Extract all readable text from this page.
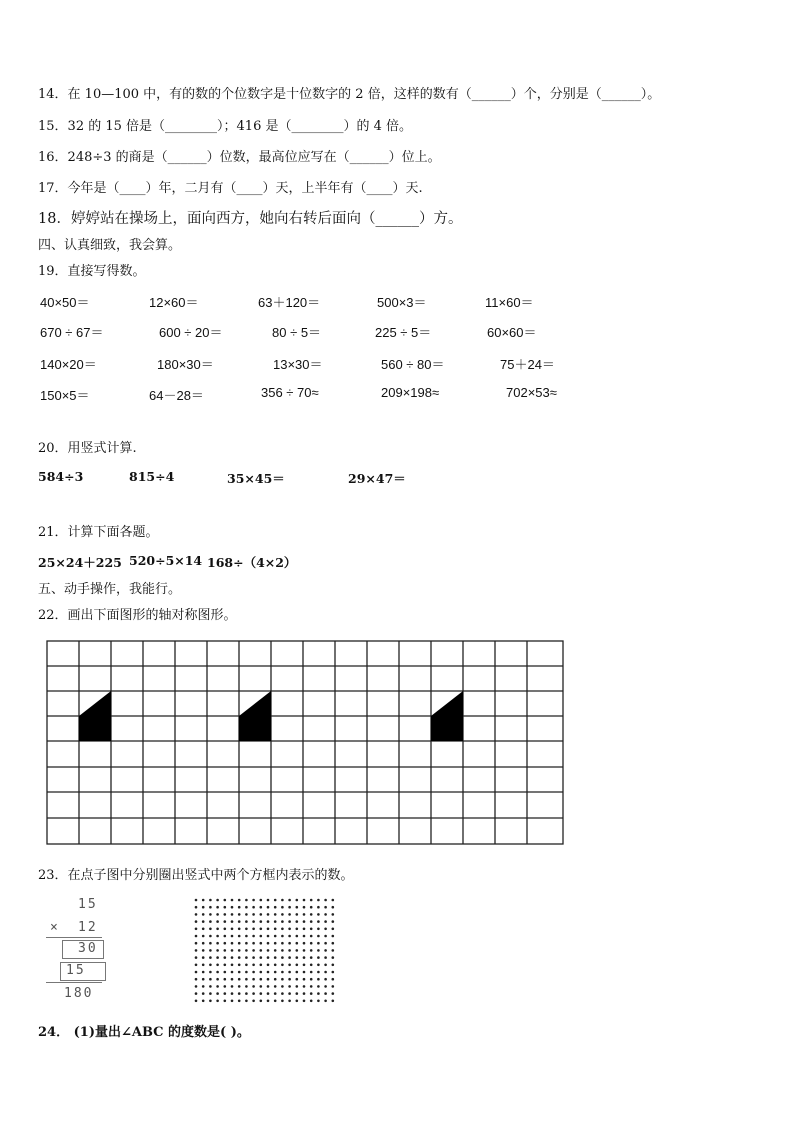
14．在 10—100 中，有的数的个位数字是十位数字的 2 倍，这样的数有（______）个，分别是（______）。
15．32 的 15 倍是（________）；416 是（________）的 4 倍。
16．248÷3 的商是（______）位数，最高位应写在（______）位上。
17．今年是（____）年，二月有（____）天，上半年有（____）天.
18．婷婷站在操场上，面向西方，她向右转后面向（______）方。
四、认真细致，我会算。
19．直接写得数。
40×50＝	12×60＝	63＋120＝	500×3＝	11×60＝
670 ÷ 67＝	600 ÷ 20＝	80 ÷ 5＝	225 ÷ 5＝	60×60＝
140×20＝	180×30＝	13×30＝	560 ÷ 80＝	75＋24＝
150×5＝	64－28＝	356 ÷ 70≈	209×198≈	702×53≈
20．用竖式计算.
584÷3	815÷4	35×45＝	29×47＝
21．计算下面各题。
25×24＋225 520÷5×14 168÷（4×2）
五、动手操作，我能行。
22．画出下面图形的轴对称图形。
23．在点子图中分别圈出竖式中两个方框内表示的数。
15
× 12
30
15
180
24． (1)量出∠ABC 的度数是( )。
